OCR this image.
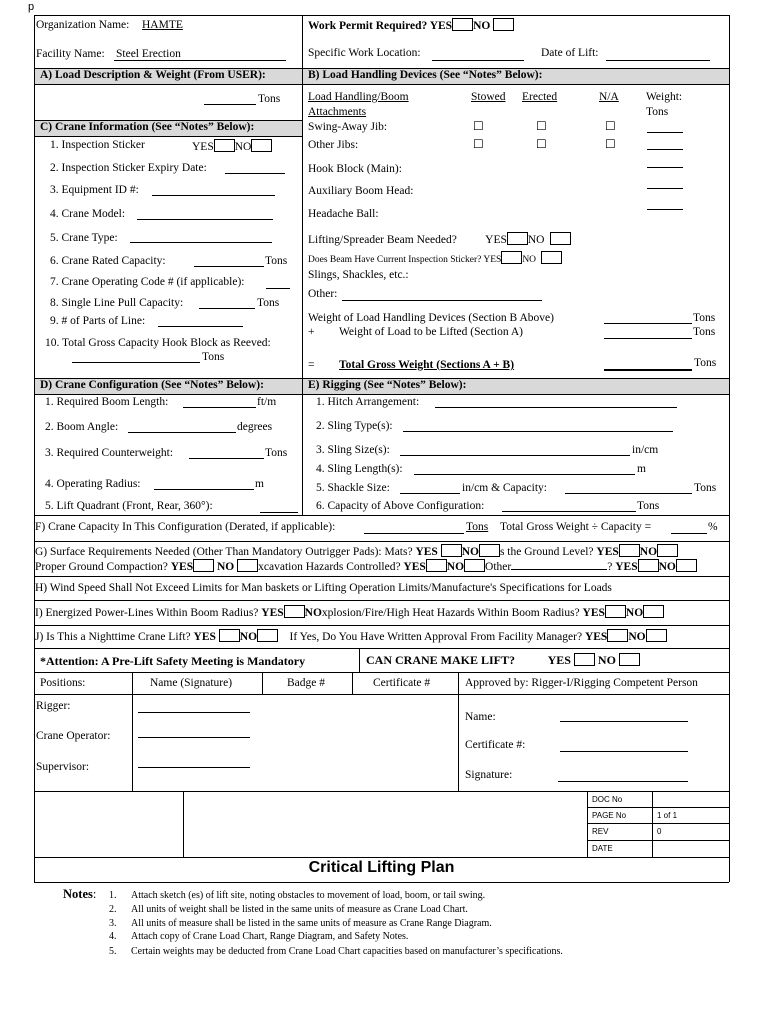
p
Organization Name: HAMTE
Facility Name: Steel Erection
Work Permit Required? YES NO
Specific Work Location:	Date of Lift:
A) Load Description & Weight (From USER):
Tons
B) Load Handling Devices (See “Notes” Below):
Load Handling/Boom
Attachments
Stowed Erected	N/A Weight:
Tons
Swing-Away Jib:	☐	☐	☐
Other Jibs:	☐	☐	☐
Hook Block (Main):
Auxiliary Boom Head:
Headache Ball:
Lifting/Spreader Beam Needed? YES NO
Does Beam Have Current Inspection Sticker? YES NO
Slings, Shackles, etc.:
Other:
Weight of Load Handling Devices (Section B Above)	Tons
+ Weight of Load to be Lifted (Section A)	Tons
= Total Gross Weight (Sections A + B)	Tons
C) Crane Information (See “Notes” Below):
1. Inspection Sticker	YES NO
2. Inspection Sticker Expiry Date:
3. Equipment ID #:
4. Crane Model:
5. Crane Type:
6. Crane Rated Capacity:	Tons
7. Crane Operating Code # (if applicable):
8. Single Line Pull Capacity:	Tons
9. # of Parts of Line:
10. Total Gross Capacity Hook Block as Reeved:
Tons
D) Crane Configuration (See “Notes” Below):
1. Required Boom Length:	ft/m
2. Boom Angle:	degrees
3. Required Counterweight:	Tons
4. Operating Radius:	m
5. Lift Quadrant (Front, Rear, 360°):
E) Rigging (See “Notes” Below):
1. Hitch Arrangement:
2. Sling Type(s):
3. Sling Size(s):	in/cm
4. Sling Length(s):	m
5. Shackle Size:	in/cm & Capacity:	Tons
6. Capacity of Above Configuration:	Tons
F) Crane Capacity In This Configuration (Derated, if applicable):	Tons Total Gross Weight ÷ Capacity =	%
G) Surface Requirements Needed (Other Than Mandatory Outrigger Pads): Mats? YES NO s the Ground Level? YES NO
Proper Ground Compaction? YES NO xcavation Hazards Controlled? YES NO Other	? YES NO
H) Wind Speed Shall Not Exceed Limits for Man baskets or Lifting Operation Limits/Manufacture's Specifications for Loads
I) Energized Power-Lines Within Boom Radius? YES NOxplosion/Fire/High Heat Hazards Within Boom Radius? YES NO
J) Is This a Nighttime Crane Lift? YES NO	If Yes, Do You Have Written Approval From Facility Manager? YES NO
*Attention: A Pre-Lift Safety Meeting is Mandatory	CAN CRANE MAKE LIFT?	YES NO
Positions:	Name (Signature)	Badge #	Certificate #	Approved by: Rigger-I/Rigging Competent Person
Rigger:
Crane Operator:
Supervisor:
Name:
Certificate #:
Signature:
DOC No
PAGE No	1 of 1
REV	0
DATE
Critical Lifting Plan
Notes: 1. Attach sketch (es) of lift site, noting obstacles to movement of load, boom, or tail swing.
2. All units of weight shall be listed in the same units of measure as Crane Load Chart.
3. All units of measure shall be listed in the same units of measure as Crane Range Diagram.
4. Attach copy of Crane Load Chart, Range Diagram, and Safety Notes.
5. Certain weights may be deducted from Crane Load Chart capacities based on manufacturer’s specifications.
